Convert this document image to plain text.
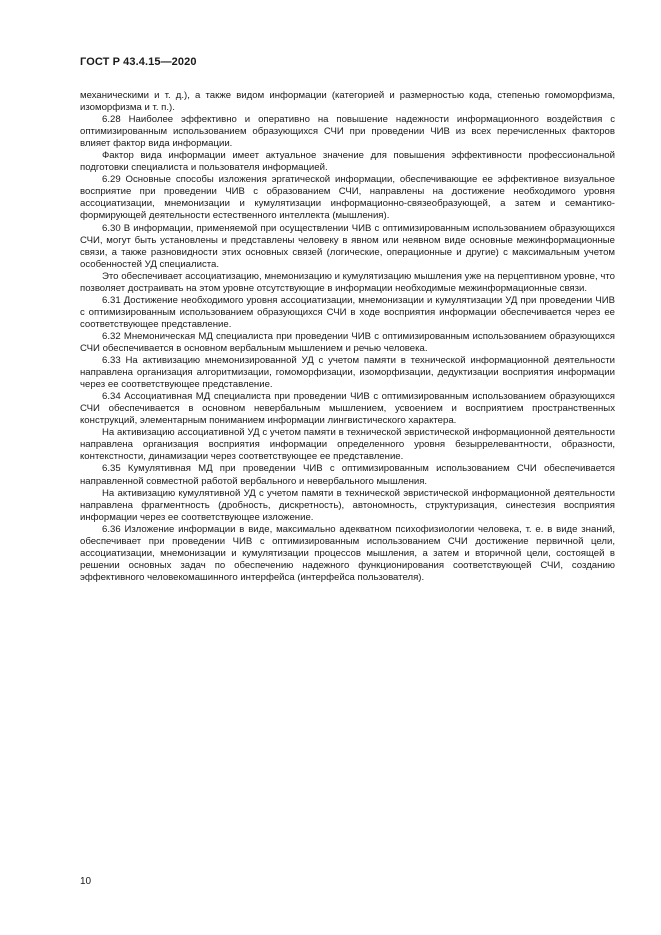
ГОСТ Р 43.4.15—2020

механическими и т. д.), а также видом информации (категорией и размерностью кода, степенью гомоморфизма, изоморфизма и т. п.).

6.28 Наиболее эффективно и оперативно на повышение надежности информационного воздействия с оптимизированным использованием образующихся СЧИ при проведении ЧИВ из всех перечисленных факторов влияет фактор вида информации.

Фактор вида информации имеет актуальное значение для повышения эффективности профессиональной подготовки специалиста и пользователя информацией.

6.29 Основные способы изложения эргатической информации, обеспечивающие ее эффективное визуальное восприятие при проведении ЧИВ с образованием СЧИ, направлены на достижение необходимого уровня ассоциатизации, мнемонизации и кумулятизации информационно-связеобразующей, а затем и семантико-формирующей деятельности естественного интеллекта (мышления).

6.30 В информации, применяемой при осуществлении ЧИВ с оптимизированным использованием образующихся СЧИ, могут быть установлены и представлены человеку в явном или неявном виде основные межинформационные связи, а также разновидности этих основных связей (логические, операционные и другие) с максимальным учетом особенностей УД специалиста.

Это обеспечивает ассоциатизацию, мнемонизацию и кумулятизацию мышления уже на перцептивном уровне, что позволяет достраивать на этом уровне отсутствующие в информации необходимые межинформационные связи.

6.31 Достижение необходимого уровня ассоциатизации, мнемонизации и кумулятизации УД при проведении ЧИВ с оптимизированным использованием образующихся СЧИ в ходе восприятия информации обеспечивается через ее соответствующее представление.

6.32 Мнемоническая МД специалиста при проведении ЧИВ с оптимизированным использованием образующихся СЧИ обеспечивается в основном вербальным мышлением и речью человека.

6.33 На активизацию мнемонизированной УД с учетом памяти в технической информационной деятельности направлена организация алгоритмизации, гомоморфизации, изоморфизации, дедуктизации восприятия информации через ее соответствующее представление.

6.34 Ассоциативная МД специалиста при проведении ЧИВ с оптимизированным использованием образующихся СЧИ обеспечивается в основном невербальным мышлением, усвоением и восприятием пространственных конструкций, элементарным пониманием информации лингвистического характера.

На активизацию ассоциативной УД с учетом памяти в технической эвристической информационной деятельности направлена организация восприятия информации определенного уровня безыррелевантности, образности, контекстности, динамизации через соответствующее ее представление.

6.35 Кумулятивная МД при проведении ЧИВ с оптимизированным использованием СЧИ обеспечивается направленной совместной работой вербального и невербального мышления.

На активизацию кумулятивной УД с учетом памяти в технической эвристической информационной деятельности направлена фрагментность (дробность, дискретность), автономность, структуризация, синестезия восприятия информации через ее соответствующее изложение.

6.36 Изложение информации в виде, максимально адекватном психофизиологии человека, т. е. в виде знаний, обеспечивает при проведении ЧИВ с оптимизированным использованием СЧИ достижение первичной цели, ассоциатизации, мнемонизации и кумулятизации процессов мышления, а затем и вторичной цели, состоящей в решении основных задач по обеспечению надежного функционирования соответствующей СЧИ, созданию эффективного человекомашинного интерфейса (интерфейса пользователя).

10
